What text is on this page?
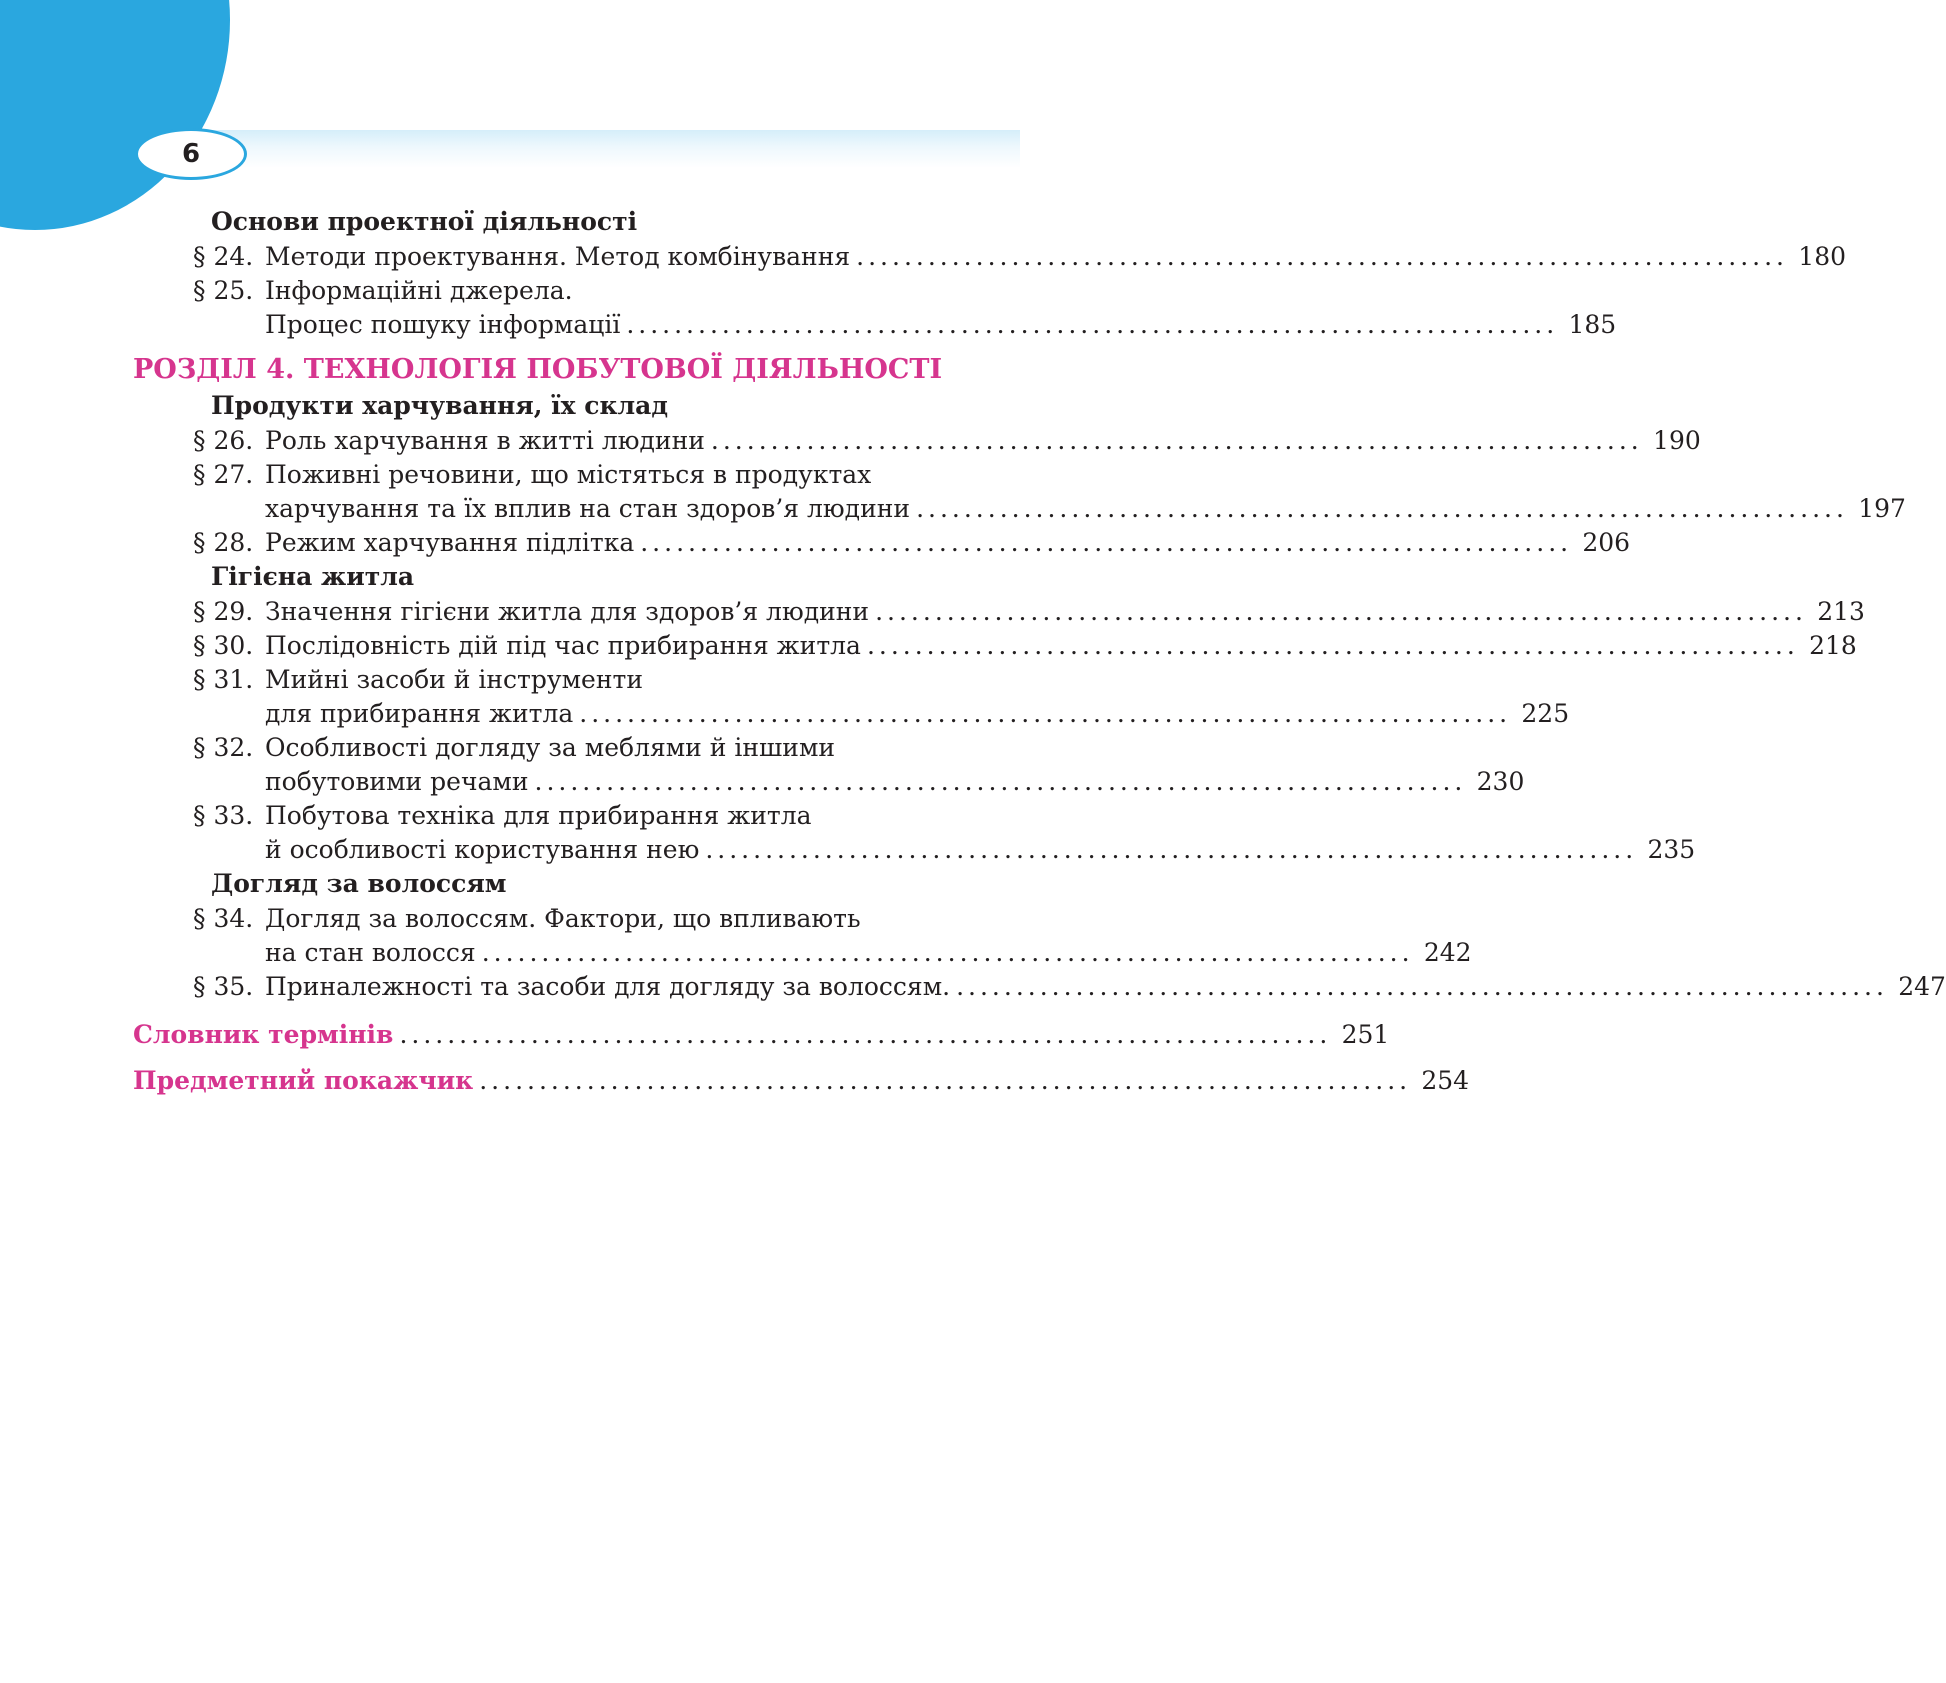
6
Основи проектної діяльності
§ 24. Методи проектування. Метод комбінування .............................................................................. 180
§ 25. Інформаційні джерела.
Процес пошуку інформації .............................................................................. 185
РОЗДІЛ 4. ТЕХНОЛОГІЯ ПОБУТОВОЇ ДІЯЛЬНОСТІ
Продукти харчування, їх склад
§ 26. Роль харчування в житті людини .............................................................................. 190
§ 27. Поживні речовини, що містяться в продуктах
харчування та їх вплив на стан здоров’я людини .............................................................................. 197
§ 28. Режим харчування підлітка .............................................................................. 206
Гігієна житла
§ 29. Значення гігієни житла для здоров’я людини .............................................................................. 213
§ 30. Послідовність дій під час прибирання житла .............................................................................. 218
§ 31. Мийні засоби й інструменти
для прибирання житла .............................................................................. 225
§ 32. Особливості догляду за меблями й іншими
побутовими речами .............................................................................. 230
§ 33. Побутова техніка для прибирання житла
й особливості користування нею .............................................................................. 235
Догляд за волоссям
§ 34. Догляд за волоссям. Фактори, що впливають
на стан волосся .............................................................................. 242
§ 35. Приналежності та засоби для догляду за волоссям. .............................................................................. 247
Словник термінів .............................................................................. 251
Предметний покажчик .............................................................................. 254
